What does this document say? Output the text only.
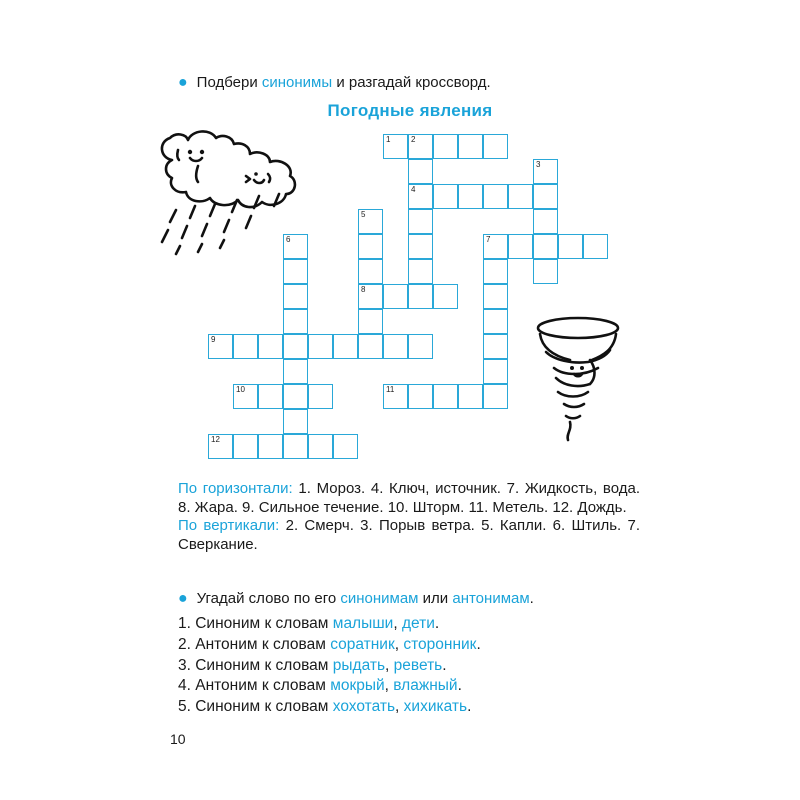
● Подбери синонимы и разгадай кроссворд.
Погодные явления
1	2
4
3
5
8
6	7
9
10	11
12

По горизонтали: 1. Мороз. 4. Ключ, источник. 7. Жидкость, вода. 8. Жара. 9. Сильное течение. 10. Шторм. 11. Метель. 12. Дождь.

По вертикали: 2. Смерч. 3. Порыв ветра. 5. Капли. 6. Штиль. 7. Сверкание.

● Угадай слово по его синонимам или антонимам.
1. Синоним к словам малыши, дети.
2. Антоним к словам соратник, сторонник.
3. Синоним к словам рыдать, реветь.
4. Антоним к словам мокрый, влажный.
5. Синоним к словам хохотать, хихикать.
10
